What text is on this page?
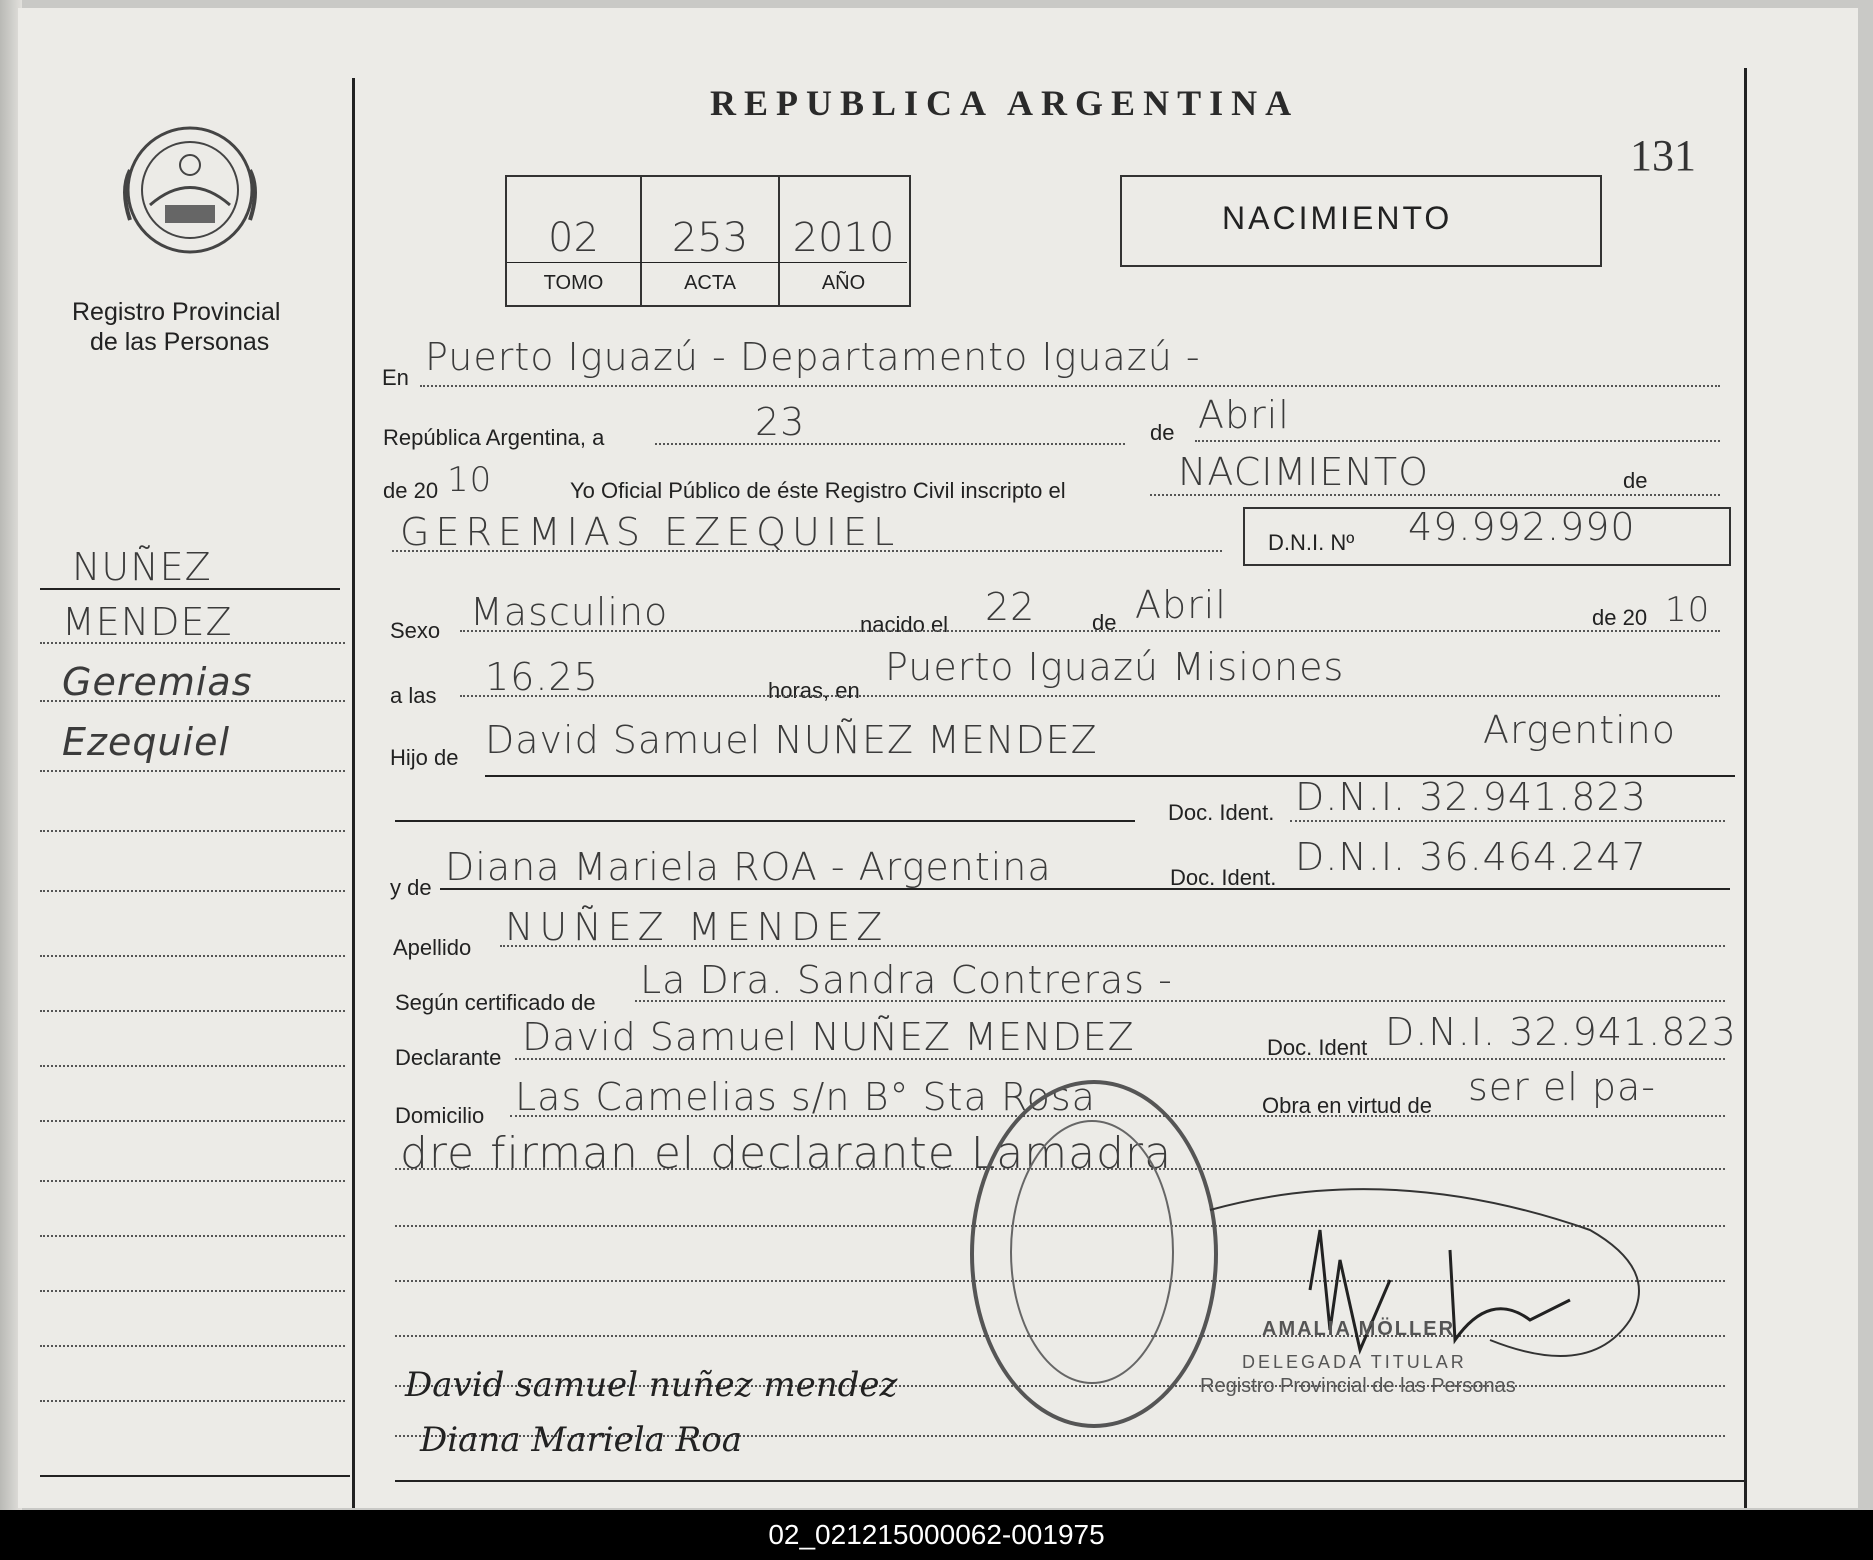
Registro Provincial
de las Personas
REPUBLICA ARGENTINA
131
02	253	2010
TOMO	ACTA	AÑO
NACIMIENTO
NUÑEZ
MENDEZ
Geremias
Ezequiel
En Puerto Iguazú - Departamento Iguazú -
República Argentina, a	23	de Abril
de 20 10	Yo Oficial Público de éste Registro Civil inscripto el	NACIMIENTO	de
GEREMIAS EZEQUIEL	D.N.I. Nº 49.992.990
Sexo Masculino	nacido el 22	de Abril	de 20 10
a las 16.25	horas, en
Puerto Iguazú Misiones
Hijo de David Samuel NUÑEZ MENDEZ	Argentino
Doc. Ident. D.N.I. 32.941.823
y de Diana Mariela ROA - Argentina	Doc. Ident. D.N.I. 36.464.247
Apellido NUÑEZ MENDEZ
Según certificado de
La Dra. Sandra Contreras -
Declarante David Samuel NUÑEZ MENDEZ	Doc. Ident D.N.I. 32.941.823
Domicilio Las Camelias s/n B° Sta Rosa	Obra en virtud de ser el pa-
dre firman el declarante Lamadra
AMALIA MÖLLER
DELEGADA TITULAR
Registro Provincial de las Personas
David samuel nuñez mendez
Diana Mariela Roa
02_021215000062-001975
